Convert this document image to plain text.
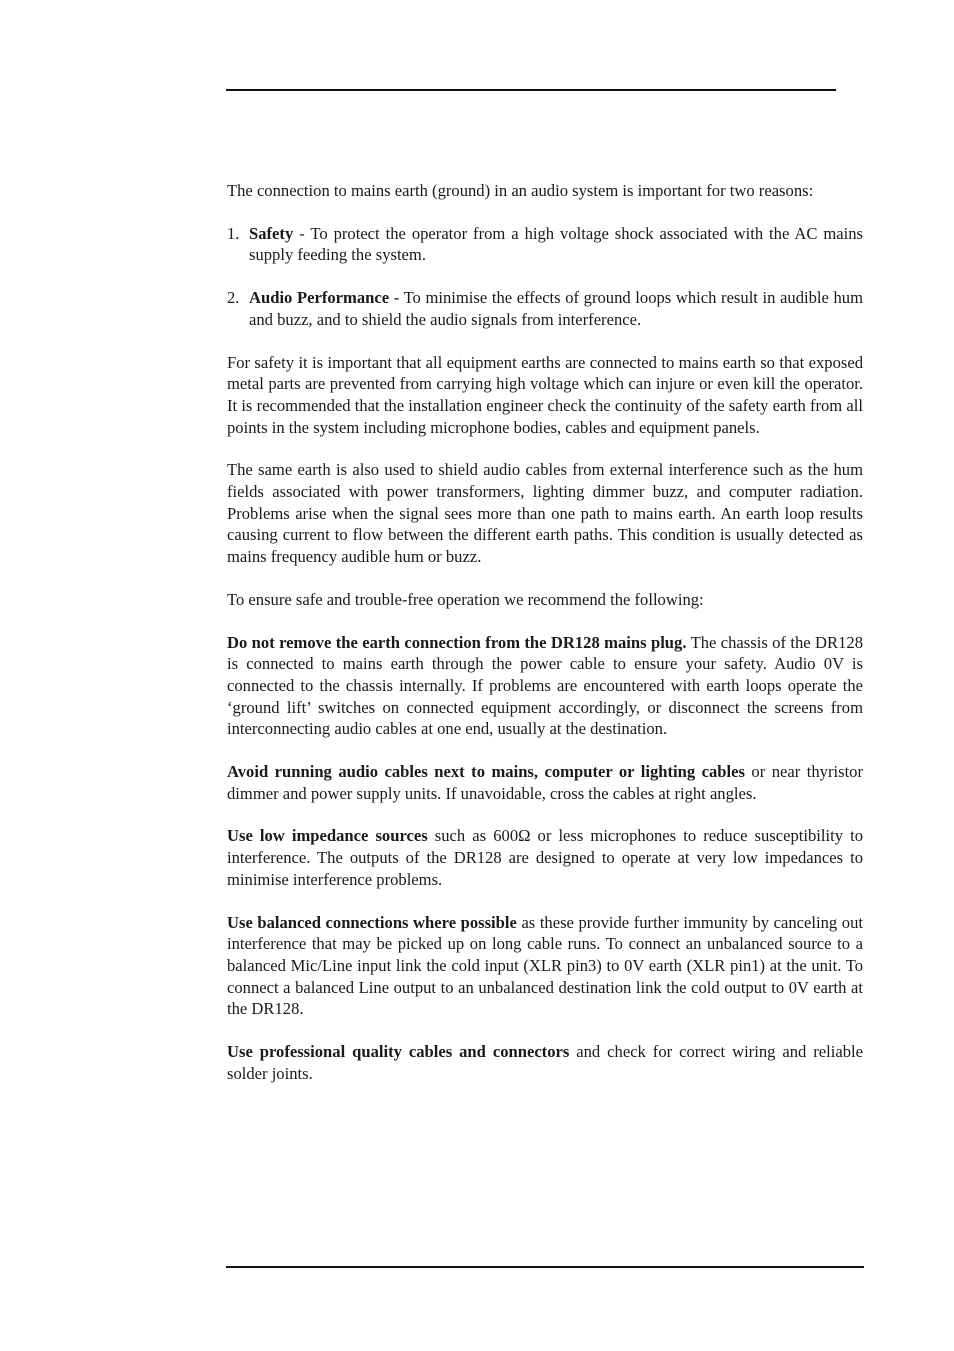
The connection to mains earth (ground) in an audio system is important for two reasons:

1. Safety - To protect the operator from a high voltage shock associated with the AC mains supply feeding the system.
2. Audio Performance - To minimise the effects of ground loops which result in audible hum and buzz, and to shield the audio signals from interference.

For safety it is important that all equipment earths are connected to mains earth so that exposed metal parts are prevented from carrying high voltage which can injure or even kill the operator. It is recommended that the installation engineer check the continuity of the safety earth from all points in the system including microphone bodies, cables and equipment panels.

The same earth is also used to shield audio cables from external interference such as the hum fields associated with power transformers, lighting dimmer buzz, and computer radiation. Problems arise when the signal sees more than one path to mains earth. An earth loop results causing current to flow between the different earth paths. This condition is usually detected as mains frequency audible hum or buzz.

To ensure safe and trouble-free operation we recommend the following:

Do not remove the earth connection from the DR128 mains plug. The chassis of the DR128 is connected to mains earth through the power cable to ensure your safety. Audio 0V is connected to the chassis internally. If problems are encountered with earth loops operate the ‘ground lift’ switches on connected equipment accordingly, or disconnect the screens from interconnecting audio cables at one end, usually at the destination.

Avoid running audio cables next to mains, computer or lighting cables or near thyristor dimmer and power supply units. If unavoidable, cross the cables at right angles.

Use low impedance sources such as 600Ω or less microphones to reduce susceptibility to interference. The outputs of the DR128 are designed to operate at very low impedances to minimise interference problems.

Use balanced connections where possible as these provide further immunity by canceling out interference that may be picked up on long cable runs. To connect an unbalanced source to a balanced Mic/Line input link the cold input (XLR pin3) to 0V earth (XLR pin1) at the unit. To connect a balanced Line output to an unbalanced destination link the cold output to 0V earth at the DR128.

Use professional quality cables and connectors and check for correct wiring and reliable solder joints.
